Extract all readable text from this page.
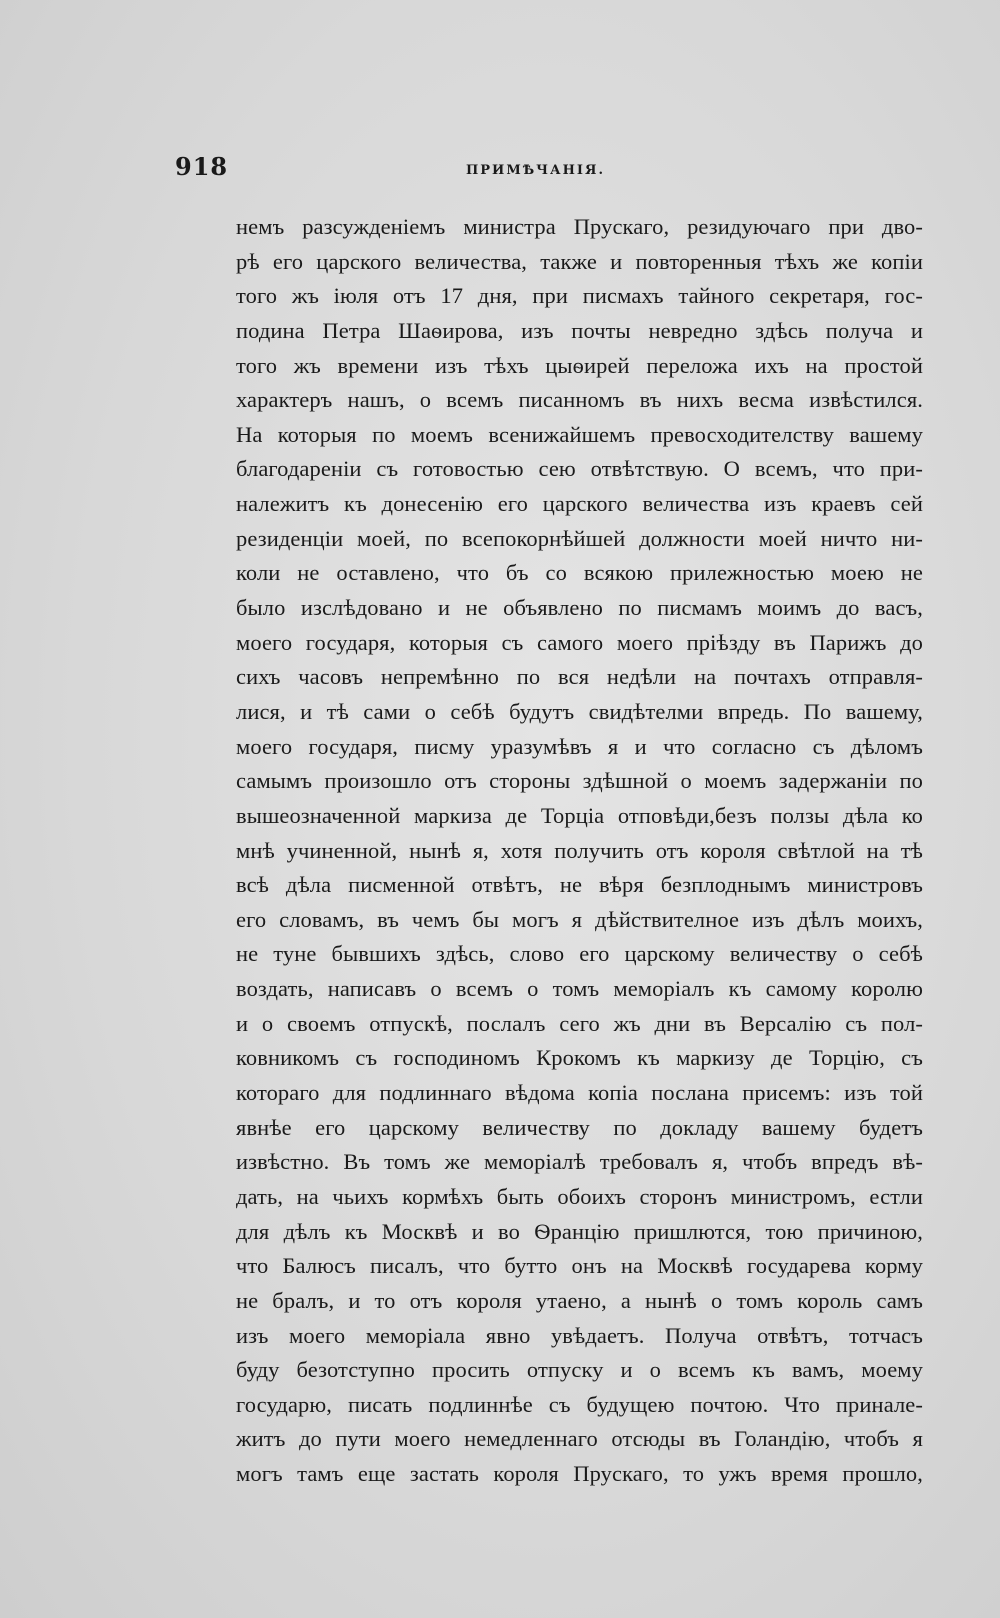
918	ПРИМѢЧАНІЯ.
немъ разсужденіемъ министра Прускаго, резидуючаго при дво-
рѣ его царского величества, также и повторенныя тѣхъ же копіи
того жъ іюля отъ 17 дня, при писмахъ тайного секретаря, гос-
подина Петра Шаѳирова, изъ почты невредно здѣсь получа и
того жъ времени изъ тѣхъ цыѳирей переложа ихъ на простой
характеръ нашъ, о всемъ писанномъ въ нихъ весма извѣстился.
На которыя по моемъ всенижайшемъ превосходителству вашему
благодареніи съ готовостью сею отвѣтствую. О всемъ, что при-
належитъ къ донесенію его царского величества изъ краевъ сей
резиденціи моей, по всепокорнѣйшей должности моей ничто ни-
коли не оставлено, что бъ со всякою прилежностью моею не
было изслѣдовано и не объявлено по писмамъ моимъ до васъ,
моего государя, которыя съ самого моего пріѣзду въ Парижъ до
сихъ часовъ непремѣнно по вся недѣли на почтахъ отправля-
лися, и тѣ сами о себѣ будутъ свидѣтелми впредь. По вашему,
моего государя, писму уразумѣвъ я и что согласно съ дѣломъ
самымъ произошло отъ стороны здѣшной о моемъ задержаніи по
вышеозначенной маркиза де Торціа отповѣди,безъ ползы дѣла ко
мнѣ учиненной, нынѣ я, хотя получить отъ короля свѣтлой на тѣ
всѣ дѣла писменной отвѣтъ, не вѣря безплоднымъ министровъ
его словамъ, въ чемъ бы могъ я дѣйствителное изъ дѣлъ моихъ,
не туне бывшихъ здѣсь, слово его царскому величеству о себѣ
воздать, написавъ о всемъ о томъ меморіалъ къ самому королю
и о своемъ отпускѣ, послалъ сего жъ дни въ Версалію съ пол-
ковникомъ съ господиномъ Крокомъ къ маркизу де Торцію, съ
котораго для подлиннаго вѣдома копіа послана присемъ: изъ той
явнѣе его царскому величеству по докладу вашему будетъ
извѣстно. Въ томъ же меморіалѣ требовалъ я, чтобъ впредъ вѣ-
дать, на чьихъ кормѣхъ быть обоихъ сторонъ министромъ, естли
для дѣлъ къ Москвѣ и во Ѳранцію пришлются, тою причиною,
что Балюсъ писалъ, что бутто онъ на Москвѣ государева корму
не бралъ, и то отъ короля утаено, а нынѣ о томъ король самъ
изъ моего меморіала явно увѣдаетъ. Получа отвѣтъ, тотчасъ
буду безотступно просить отпуску и о всемъ къ вамъ, моему
государю, писать подлиннѣе съ будущею почтою. Что принале-
житъ до пути моего немедленнаго отсюды въ Голандію, чтобъ я
могъ тамъ еще застать короля Прускаго, то ужъ время прошло,
